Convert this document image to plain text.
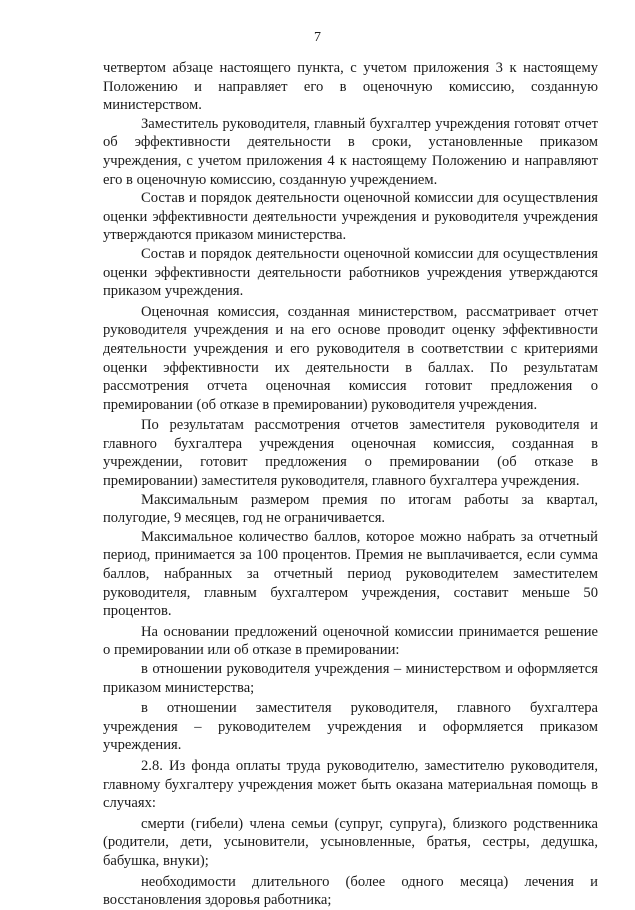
7

четвертом абзаце настоящего пункта, с учетом приложения 3 к настоящему Положению и направляет его в оценочную комиссию, созданную министерством.

Заместитель руководителя, главный бухгалтер учреждения готовят отчет об эффективности деятельности в сроки, установленные приказом учреждения, с учетом приложения 4 к настоящему Положению и направляют его в оценочную комиссию, созданную учреждением.

Состав и порядок деятельности оценочной комиссии для осуществления оценки эффективности деятельности учреждения и руководителя учреждения утверждаются приказом министерства.

Состав и порядок деятельности оценочной комиссии для осуществления оценки эффективности деятельности работников учреждения утверждаются приказом учреждения.

Оценочная комиссия, созданная министерством, рассматривает отчет руководителя учреждения и на его основе проводит оценку эффективности деятельности учреждения и его руководителя в соответствии с критериями оценки эффективности их деятельности в баллах. По результатам рассмотрения отчета оценочная комиссия готовит предложения о премировании (об отказе в премировании) руководителя учреждения.

По результатам рассмотрения отчетов заместителя руководителя и главного бухгалтера учреждения оценочная комиссия, созданная в учреждении, готовит предложения о премировании (об отказе в премировании) заместителя руководителя, главного бухгалтера учреждения.

Максимальным размером премия по итогам работы за квартал, полугодие, 9 месяцев, год не ограничивается.

Максимальное количество баллов, которое можно набрать за отчетный период, принимается за 100 процентов. Премия не выплачивается, если сумма баллов, набранных за отчетный период руководителем заместителем руководителя, главным бухгалтером учреждения, составит меньше 50 процентов.

На основании предложений оценочной комиссии принимается решение о премировании или об отказе в премировании:

в отношении руководителя учреждения – министерством и оформляется приказом министерства;

в отношении заместителя руководителя, главного бухгалтера учреждения – руководителем учреждения и оформляется приказом учреждения.

2.8. Из фонда оплаты труда руководителю, заместителю руководителя, главному бухгалтеру учреждения может быть оказана материальная помощь в случаях:

смерти (гибели) члена семьи (супруг, супруга), близкого родственника (родители, дети, усыновители, усыновленные, братья, сестры, дедушка, бабушка, внуки);

необходимости длительного (более одного месяца) лечения и восстановления здоровья работника;
